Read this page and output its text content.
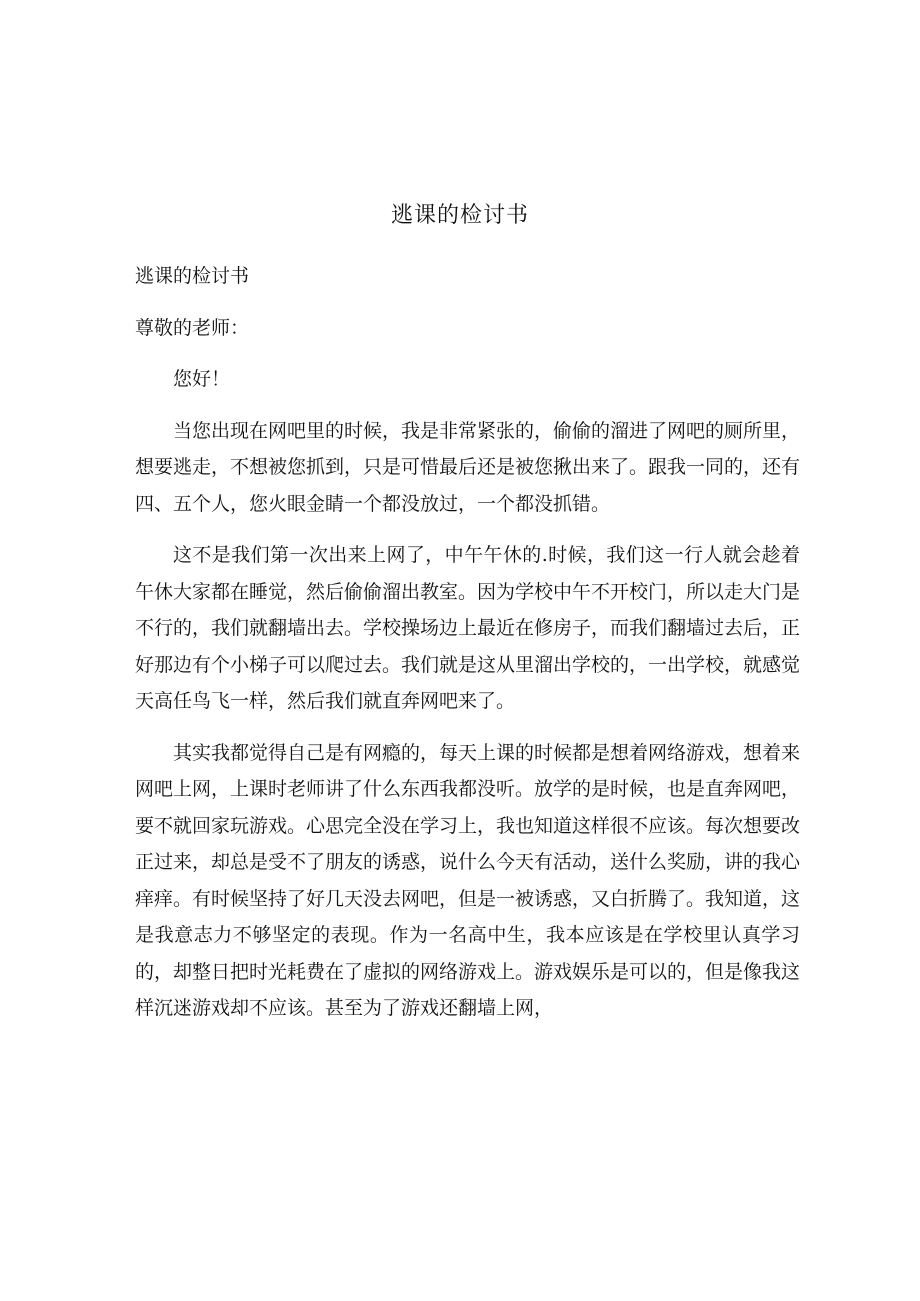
逃课的检讨书

逃课的检讨书

尊敬的老师：

您好！

当您出现在网吧里的时候，我是非常紧张的，偷偷的溜进了网吧的厕所里，想要逃走，不想被您抓到，只是可惜最后还是被您揪出来了。跟我一同的，还有四、五个人，您火眼金睛一个都没放过，一个都没抓错。

这不是我们第一次出来上网了，中午午休的.时候，我们这一行人就会趁着午休大家都在睡觉，然后偷偷溜出教室。因为学校中午不开校门，所以走大门是不行的，我们就翻墙出去。学校操场边上最近在修房子，而我们翻墙过去后，正好那边有个小梯子可以爬过去。我们就是这从里溜出学校的，一出学校，就感觉天高任鸟飞一样，然后我们就直奔网吧来了。

其实我都觉得自己是有网瘾的，每天上课的时候都是想着网络游戏，想着来网吧上网，上课时老师讲了什么东西我都没听。放学的是时候，也是直奔网吧，要不就回家玩游戏。心思完全没在学习上，我也知道这样很不应该。每次想要改正过来，却总是受不了朋友的诱惑，说什么今天有活动，送什么奖励，讲的我心痒痒。有时候坚持了好几天没去网吧，但是一被诱惑，又白折腾了。我知道，这是我意志力不够坚定的表现。作为一名高中生，我本应该是在学校里认真学习的，却整日把时光耗费在了虚拟的网络游戏上。游戏娱乐是可以的，但是像我这样沉迷游戏却不应该。甚至为了游戏还翻墙上网，
